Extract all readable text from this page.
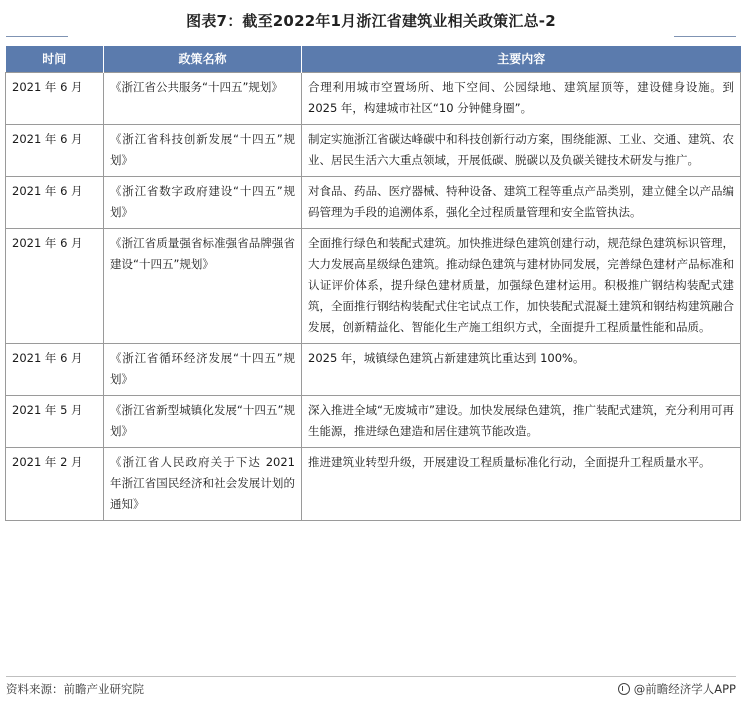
图表7：截至2022年1月浙江省建筑业相关政策汇总-2
时间	政策名称	主要内容
2021 年 6 月	《浙江省公共服务“十四五”规划》	合理利用城市空置场所、地下空间、公园绿地、建筑屋顶等，建设健身设施。到 2025 年，构建城市社区“10 分钟健身圈”。
2021 年 6 月	《浙江省科技创新发展“十四五”规划》	制定实施浙江省碳达峰碳中和科技创新行动方案，围绕能源、工业、交通、建筑、农业、居民生活六大重点领域，开展低碳、脱碳以及负碳关键技术研发与推广。
2021 年 6 月	《浙江省数字政府建设“十四五”规划》	对食品、药品、医疗器械、特种设备、建筑工程等重点产品类别，建立健全以产品编码管理为手段的追溯体系，强化全过程质量管理和安全监管执法。
2021 年 6 月	《浙江省质量强省标准强省品牌强省建设“十四五”规划》	全面推行绿色和装配式建筑。加快推进绿色建筑创建行动，规范绿色建筑标识管理，大力发展高星级绿色建筑。推动绿色建筑与建材协同发展，完善绿色建材产品标准和认证评价体系，提升绿色建材质量，加强绿色建材运用。积极推广钢结构装配式建筑，全面推行钢结构装配式住宅试点工作，加快装配式混凝土建筑和钢结构建筑融合发展，创新精益化、智能化生产施工组织方式，全面提升工程质量性能和品质。
2021 年 6 月	《浙江省循环经济发展“十四五”规划》	2025 年，城镇绿色建筑占新建建筑比重达到 100%。
2021 年 5 月	《浙江省新型城镇化发展“十四五”规划》	深入推进全域“无废城市”建设。加快发展绿色建筑，推广装配式建筑，充分利用可再生能源，推进绿色建造和居住建筑节能改造。
2021 年 2 月	《浙江省人民政府关于下达 2021 年浙江省国民经济和社会发展计划的通知》	推进建筑业转型升级，开展建设工程质量标准化行动，全面提升工程质量水平。
资料来源：前瞻产业研究院	@前瞻经济学人APP
